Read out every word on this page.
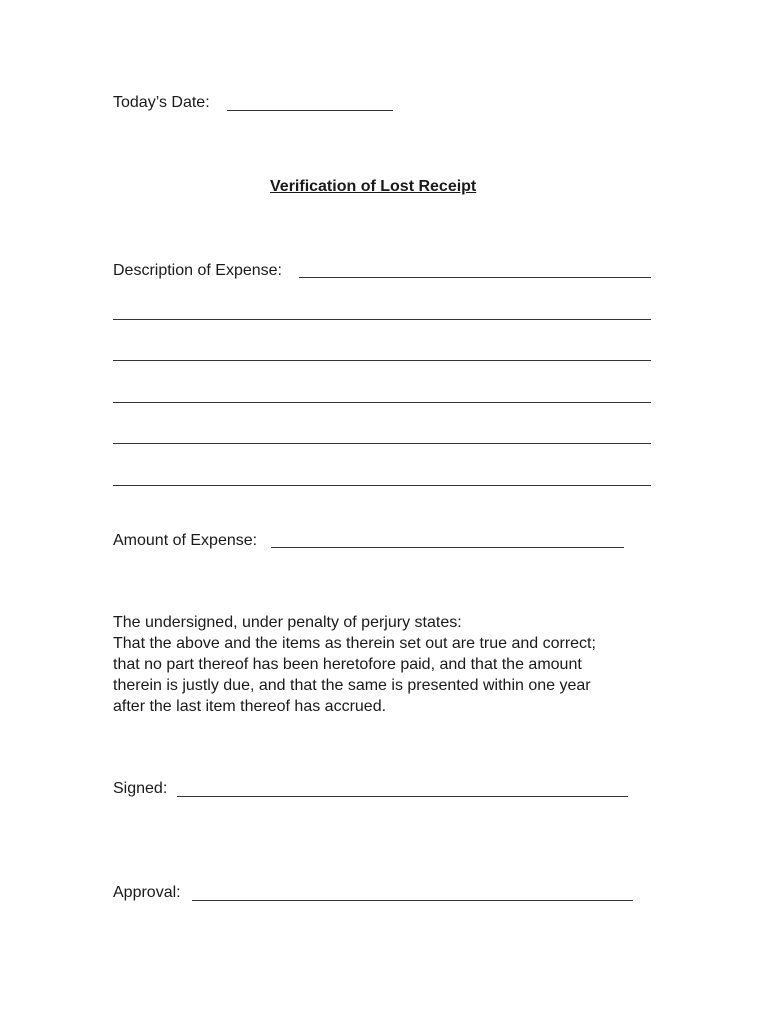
Today’s Date:
Verification of Lost Receipt
Description of Expense:
Amount of Expense:
The undersigned, under penalty of perjury states:
That the above and the items as therein set out are true and correct;
that no part thereof has been heretofore paid, and that the amount
therein is justly due, and that the same is presented within one year
after the last item thereof has accrued.
Signed:
Approval:
